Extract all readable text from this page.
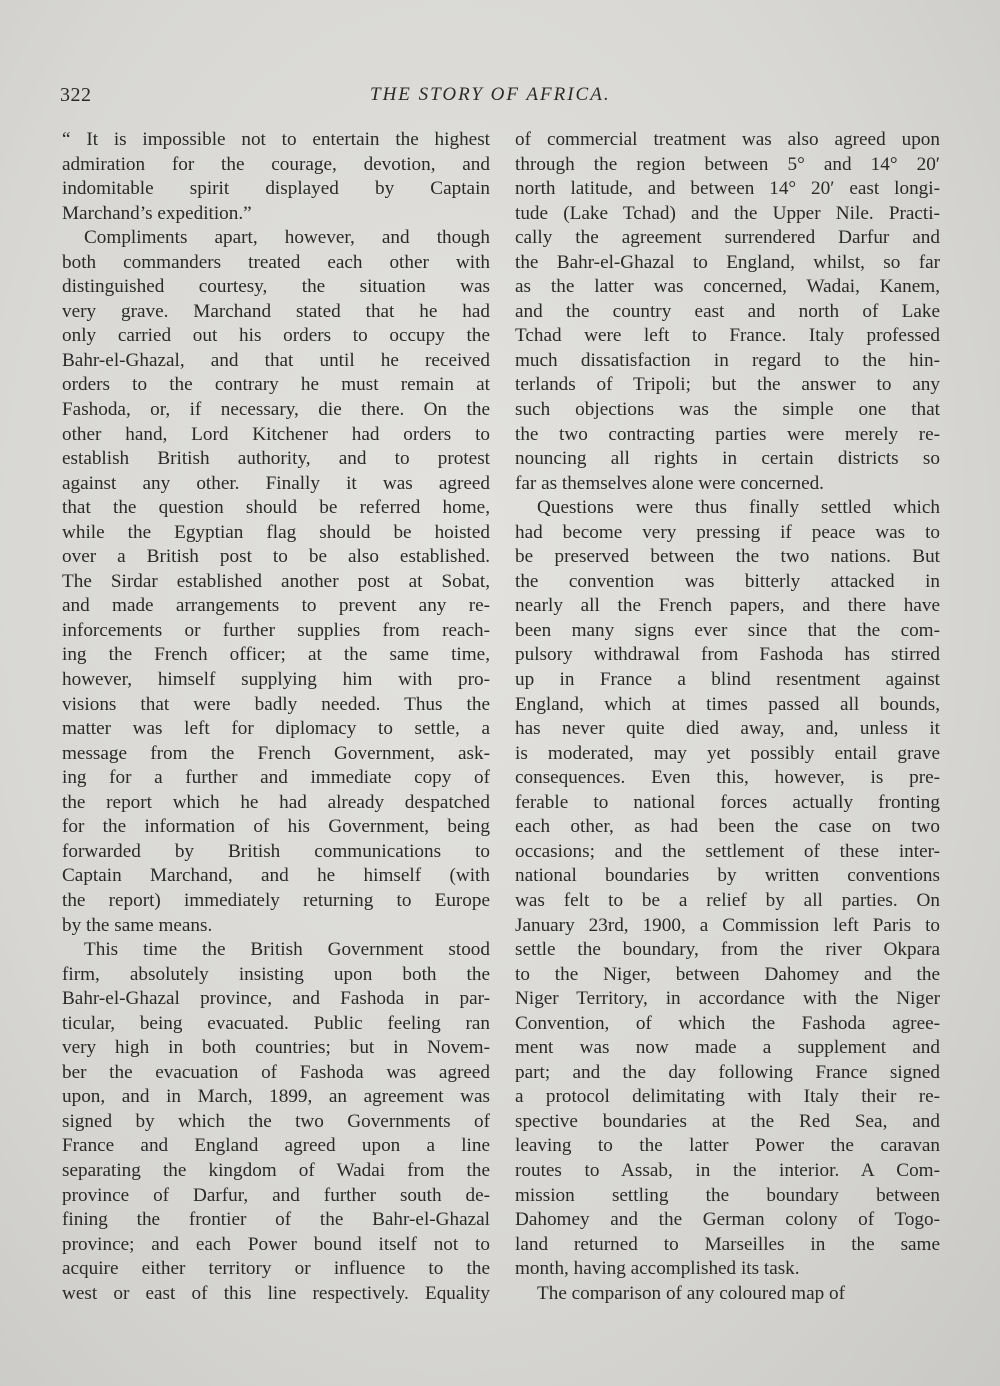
322	THE STORY OF AFRICA.
“ It is impossible not to entertain the highest
admiration for the courage, devotion, and
indomitable spirit displayed by Captain
Marchand’s expedition.”
Compliments apart, however, and though
both commanders treated each other with
distinguished courtesy, the situation was
very grave. Marchand stated that he had
only carried out his orders to occupy the
Bahr-el-Ghazal, and that until he received
orders to the contrary he must remain at
Fashoda, or, if necessary, die there. On the
other hand, Lord Kitchener had orders to
establish British authority, and to protest
against any other. Finally it was agreed
that the question should be referred home,
while the Egyptian flag should be hoisted
over a British post to be also established.
The Sirdar established another post at Sobat,
and made arrangements to prevent any re-
inforcements or further supplies from reach-
ing the French officer; at the same time,
however, himself supplying him with pro-
visions that were badly needed. Thus the
matter was left for diplomacy to settle, a
message from the French Government, ask-
ing for a further and immediate copy of
the report which he had already despatched
for the information of his Government, being
forwarded by British communications to
Captain Marchand, and he himself (with
the report) immediately returning to Europe
by the same means.
This time the British Government stood
firm, absolutely insisting upon both the
Bahr-el-Ghazal province, and Fashoda in par-
ticular, being evacuated. Public feeling ran
very high in both countries; but in Novem-
ber the evacuation of Fashoda was agreed
upon, and in March, 1899, an agreement was
signed by which the two Governments of
France and England agreed upon a line
separating the kingdom of Wadai from the
province of Darfur, and further south de-
fining the frontier of the Bahr-el-Ghazal
province; and each Power bound itself not to
acquire either territory or influence to the
west or east of this line respectively. Equality
of commercial treatment was also agreed upon
through the region between 5° and 14° 20′
north latitude, and between 14° 20′ east longi-
tude (Lake Tchad) and the Upper Nile. Practi-
cally the agreement surrendered Darfur and
the Bahr-el-Ghazal to England, whilst, so far
as the latter was concerned, Wadai, Kanem,
and the country east and north of Lake
Tchad were left to France. Italy professed
much dissatisfaction in regard to the hin-
terlands of Tripoli; but the answer to any
such objections was the simple one that
the two contracting parties were merely re-
nouncing all rights in certain districts so
far as themselves alone were concerned.
Questions were thus finally settled which
had become very pressing if peace was to
be preserved between the two nations. But
the convention was bitterly attacked in
nearly all the French papers, and there have
been many signs ever since that the com-
pulsory withdrawal from Fashoda has stirred
up in France a blind resentment against
England, which at times passed all bounds,
has never quite died away, and, unless it
is moderated, may yet possibly entail grave
consequences. Even this, however, is pre-
ferable to national forces actually fronting
each other, as had been the case on two
occasions; and the settlement of these inter-
national boundaries by written conventions
was felt to be a relief by all parties. On
January 23rd, 1900, a Commission left Paris to
settle the boundary, from the river Okpara
to the Niger, between Dahomey and the
Niger Territory, in accordance with the Niger
Convention, of which the Fashoda agree-
ment was now made a supplement and
part; and the day following France signed
a protocol delimitating with Italy their re-
spective boundaries at the Red Sea, and
leaving to the latter Power the caravan
routes to Assab, in the interior. A Com-
mission settling the boundary between
Dahomey and the German colony of Togo-
land returned to Marseilles in the same
month, having accomplished its task.
The comparison of any coloured map of
